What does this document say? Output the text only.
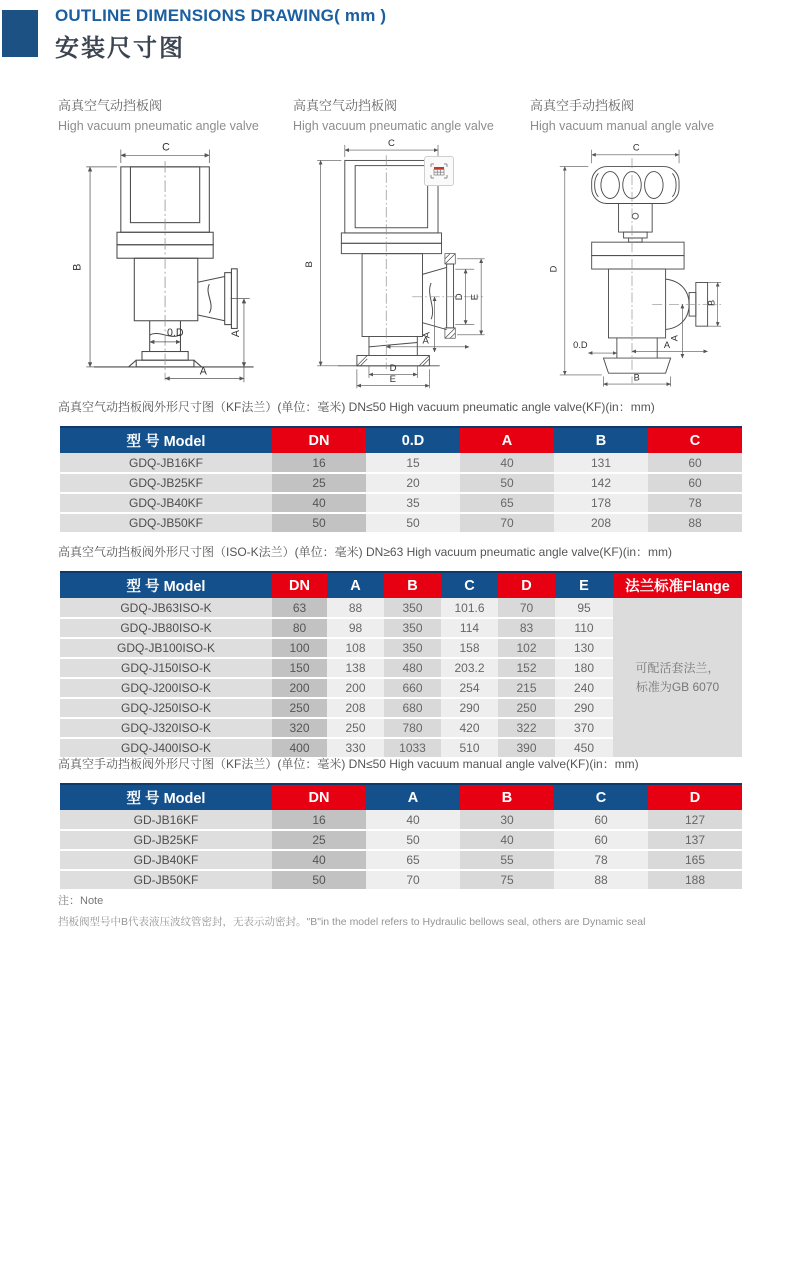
OUTLINE DIMENSIONS DRAWING( mm )
安装尺寸图
高真空气动挡板阀
High vacuum pneumatic angle valve
高真空气动挡板阀
High vacuum pneumatic angle valve
高真空手动挡板阀
High vacuum manual angle valve
C
B
A
A
0.D
C
B
D E
A
A
D
E
C
D
B
A
A
0.D
B
高真空气动挡板阀外形尺寸图（KF法兰）(单位：毫米) DN≤50 High vacuum pneumatic angle valve(KF)(in：mm)
型 号 Model	DN	0.D	A	B	C
GDQ-JB16KF	16	15	40	131	60
GDQ-JB25KF	25	20	50	142	60
GDQ-JB40KF	40	35	65	178	78
GDQ-JB50KF	50	50	70	208	88
高真空气动挡板阀外形尺寸图（ISO-K法兰）(单位：毫米) DN≥63 High vacuum pneumatic angle valve(KF)(in：mm)
型 号 Model	DN	A	B	C	D	E	法兰标准Flange
GDQ-JB63ISO-K	63	88	350	101.6	70	95	可配活套法兰，
标准为GB 6070

GDQ-JB80ISO-K	80	98	350	114	83	110	
GDQ-JB100ISO-K	100	108	350	158	102	130	
GDQ-J150ISO-K	150	138	480	203.2	152	180	
GDQ-J200ISO-K	200	200	660	254	215	240	
GDQ-J250ISO-K	250	208	680	290	250	290	
GDQ-J320ISO-K	320	250	780	420	322	370	
GDQ-J400ISO-K	400	330	1033	510	390	450	
高真空手动挡板阀外形尺寸图（KF法兰）(单位：毫米) DN≤50 High vacuum manual angle valve(KF)(in：mm)
型 号 Model	DN	A	B	C	D
GD-JB16KF	16	40	30	60	127
GD-JB25KF	25	50	40	60	137
GD-JB40KF	40	65	55	78	165
GD-JB50KF	50	70	75	88	188
注：Note
挡板阀型号中B代表液压波纹管密封，无表示动密封。"B"in the model refers to Hydraulic bellows seal, others are Dynamic seal
